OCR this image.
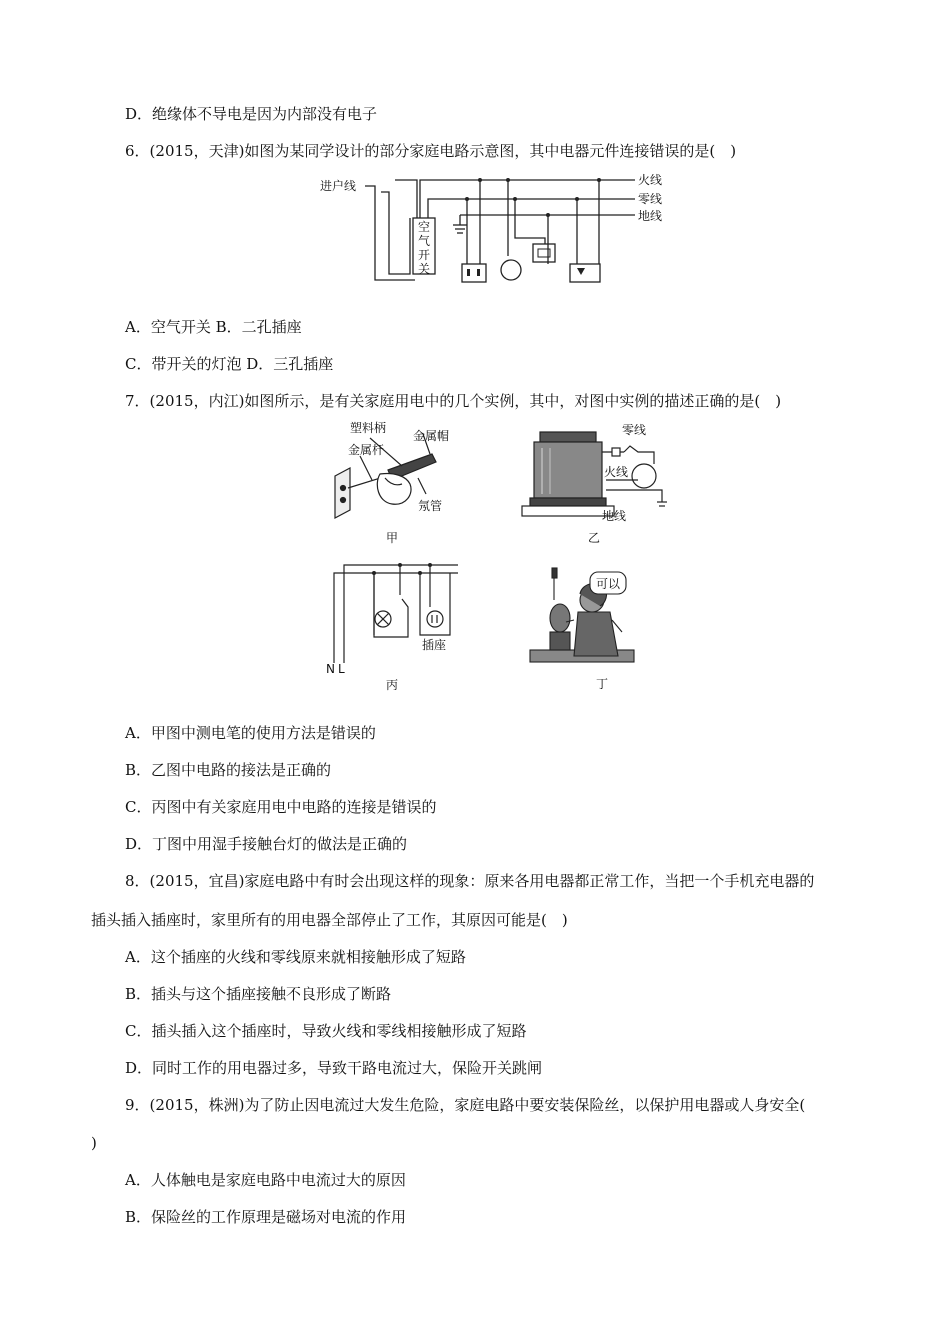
D．绝缘体不导电是因为内部没有电子
6．(2015，天津)如图为某同学设计的部分家庭电路示意图，其中电器元件连接错误的是(　)
进户线	火线
零线
地线
空
气
开
关
A．空气开关 B．二孔插座
C．带开关的灯泡 D．三孔插座
7．(2015，内江)如图所示，是有关家庭用电中的几个实例，其中，对图中实例的描述正确的是(　)
塑料柄
金属帽
金属杆
氖管
甲
零线
火线
地线
乙
N L
插座
丙
可以
丁
A．甲图中测电笔的使用方法是错误的
B．乙图中电路的接法是正确的
C．丙图中有关家庭用电中电路的连接是错误的
D．丁图中用湿手接触台灯的做法是正确的
8．(2015，宜昌)家庭电路中有时会出现这样的现象：原来各用电器都正常工作，当把一个手机充电器的
插头插入插座时，家里所有的用电器全部停止了工作，其原因可能是(　)
A．这个插座的火线和零线原来就相接触形成了短路
B．插头与这个插座接触不良形成了断路
C．插头插入这个插座时，导致火线和零线相接触形成了短路
D．同时工作的用电器过多，导致干路电流过大，保险开关跳闸
9．(2015，株洲)为了防止因电流过大发生危险，家庭电路中要安装保险丝，以保护用电器或人身安全(
)
A．人体触电是家庭电路中电流过大的原因
B．保险丝的工作原理是磁场对电流的作用
